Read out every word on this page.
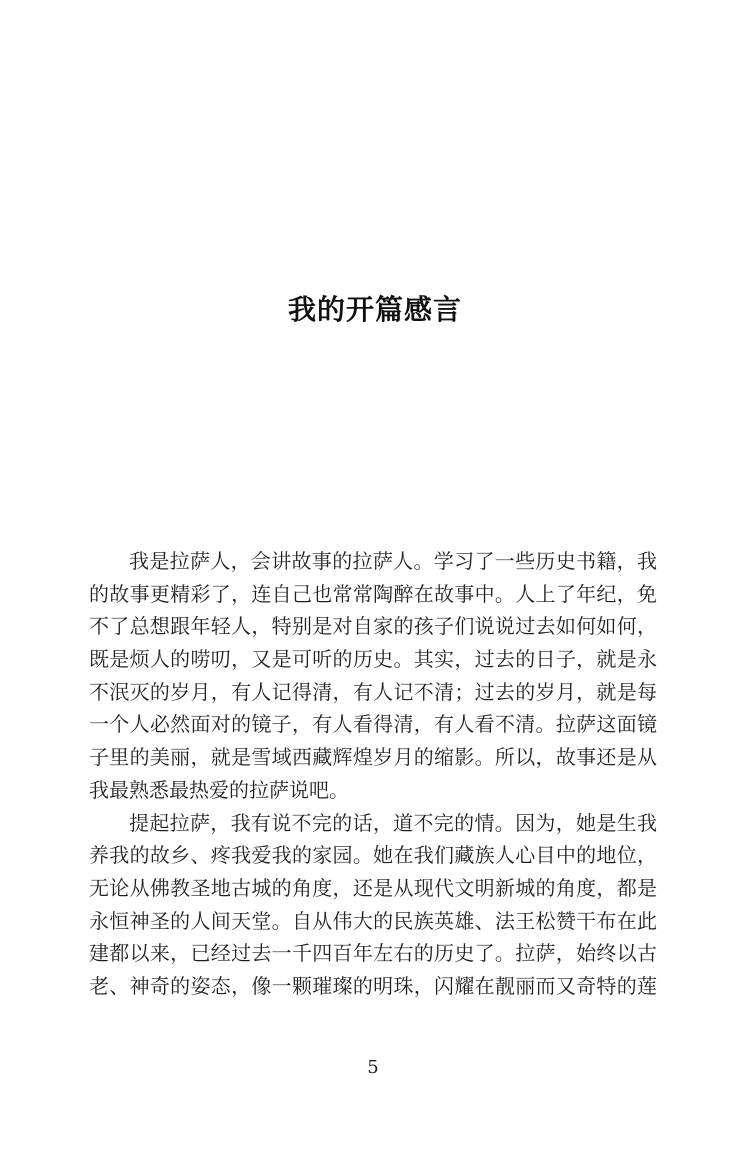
我的开篇感言
我是拉萨人，会讲故事的拉萨人。学习了一些历史书籍，我
的故事更精彩了，连自己也常常陶醉在故事中。人上了年纪，免
不了总想跟年轻人，特别是对自家的孩子们说说过去如何如何，
既是烦人的唠叨，又是可听的历史。其实，过去的日子，就是永
不泯灭的岁月，有人记得清，有人记不清；过去的岁月，就是每
一个人必然面对的镜子，有人看得清，有人看不清。拉萨这面镜
子里的美丽，就是雪域西藏辉煌岁月的缩影。所以，故事还是从
我最熟悉最热爱的拉萨说吧。
提起拉萨，我有说不完的话，道不完的情。因为，她是生我
养我的故乡、疼我爱我的家园。她在我们藏族人心目中的地位，
无论从佛教圣地古城的角度，还是从现代文明新城的角度，都是
永恒神圣的人间天堂。自从伟大的民族英雄、法王松赞干布在此
建都以来，已经过去一千四百年左右的历史了。拉萨，始终以古
老、神奇的姿态，像一颗璀璨的明珠，闪耀在靓丽而又奇特的莲
5
